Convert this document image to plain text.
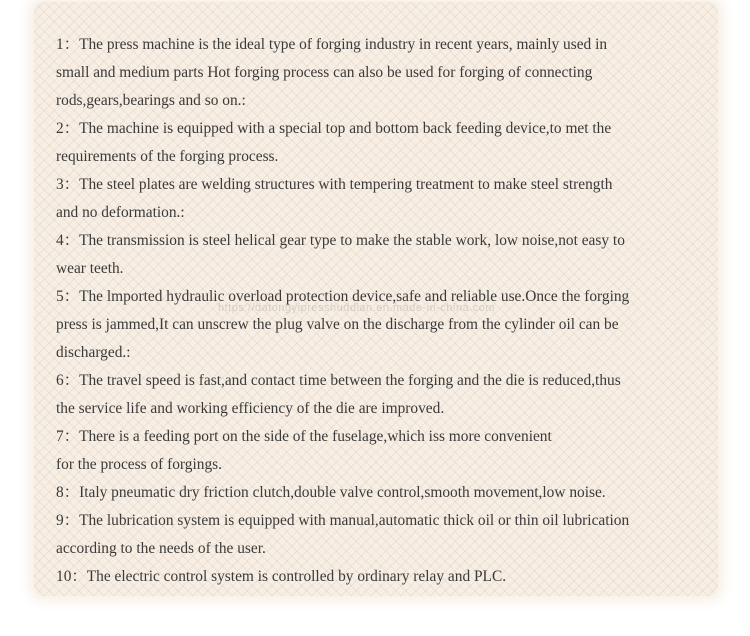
https://datongyipresshuddian.en.made-in-china.com

1：The press machine is the ideal type of forging industry in recent years, mainly used in
small and medium parts Hot forging process can also be used for forging of connecting
rods,gears,bearings and so on.:

2：The machine is equipped with a special top and bottom back feeding device,to met the
requirements of the forging process.

3：The steel plates are welding structures with tempering treatment to make steel strength
and no deformation.:

4：The transmission is steel helical gear type to make the stable work, low noise,not easy to
wear teeth.

5：The lmported hydraulic overload protection device,safe and reliable use.Once the forging
press is jammed,It can unscrew the plug valve on the discharge from the cylinder oil can be
discharged.:

6：The travel speed is fast,and contact time between the forging and the die is reduced,thus
the service life and working efficiency of the die are improved.

7：There is a feeding port on the side of the fuselage,which iss more convenient
for the process of forgings.

8：Italy pneumatic dry friction clutch,double valve control,smooth movement,low noise.

9：The lubrication system is equipped with manual,automatic thick oil or thin oil lubrication
according to the needs of the user.

10：The electric control system is controlled by ordinary relay and PLC.
